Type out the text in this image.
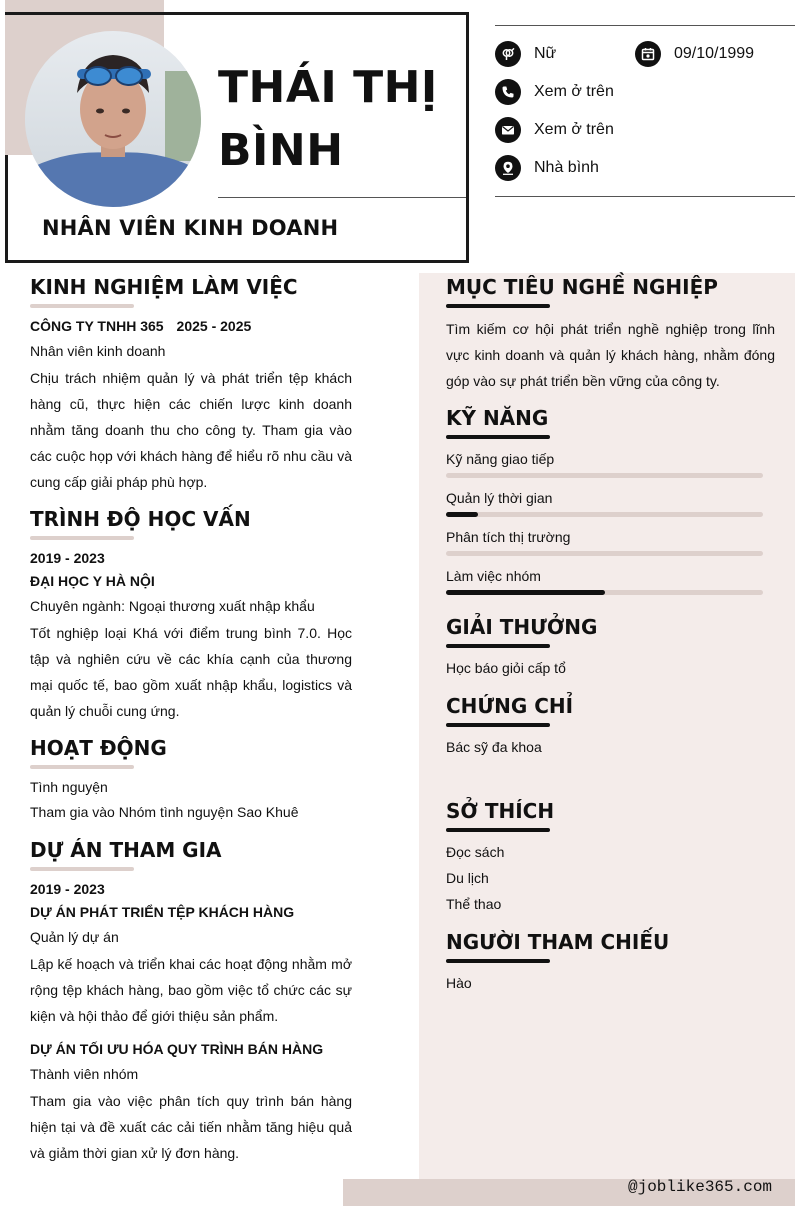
THÁI THỊ BÌNH
NHÂN VIÊN KINH DOANH
Nữ	09/10/1999
Xem ở trên
Xem ở trên
Nhà bình
KINH NGHIỆM LÀM VIỆC
CÔNG TY TNHH 365 2025 - 2025
Nhân viên kinh doanh
Chịu trách nhiệm quản lý và phát triển tệp khách hàng cũ, thực hiện các chiến lược kinh doanh nhằm tăng doanh thu cho công ty. Tham gia vào các cuộc họp với khách hàng để hiểu rõ nhu cầu và cung cấp giải pháp phù hợp.
TRÌNH ĐỘ HỌC VẤN
2019 - 2023
ĐẠI HỌC Y HÀ NỘI
Chuyên ngành: Ngoại thương xuất nhập khẩu
Tốt nghiệp loại Khá với điểm trung bình 7.0. Học tập và nghiên cứu về các khía cạnh của thương mại quốc tế, bao gồm xuất nhập khẩu, logistics và quản lý chuỗi cung ứng.
HOẠT ĐỘNG
Tình nguyện
Tham gia vào Nhóm tình nguyện Sao Khuê
DỰ ÁN THAM GIA
2019 - 2023
DỰ ÁN PHÁT TRIỂN TỆP KHÁCH HÀNG
Quản lý dự án
Lập kế hoạch và triển khai các hoạt động nhằm mở rộng tệp khách hàng, bao gồm việc tổ chức các sự kiện và hội thảo để giới thiệu sản phẩm.
DỰ ÁN TỐI ƯU HÓA QUY TRÌNH BÁN HÀNG
Thành viên nhóm
Tham gia vào việc phân tích quy trình bán hàng hiện tại và đề xuất các cải tiến nhằm tăng hiệu quả và giảm thời gian xử lý đơn hàng.
MỤC TIÊU NGHỀ NGHIỆP
Tìm kiếm cơ hội phát triển nghề nghiệp trong lĩnh vực kinh doanh và quản lý khách hàng, nhằm đóng góp vào sự phát triển bền vững của công ty.
KỸ NĂNG
Kỹ năng giao tiếp
Quản lý thời gian
Phân tích thị trường
Làm việc nhóm
GIẢI THƯỞNG
Học báo giỏi cấp tổ
CHỨNG CHỈ
Bác sỹ đa khoa
SỞ THÍCH
Đọc sách
Du lịch
Thể thao
NGƯỜI THAM CHIẾU
Hào
@joblike365.com
